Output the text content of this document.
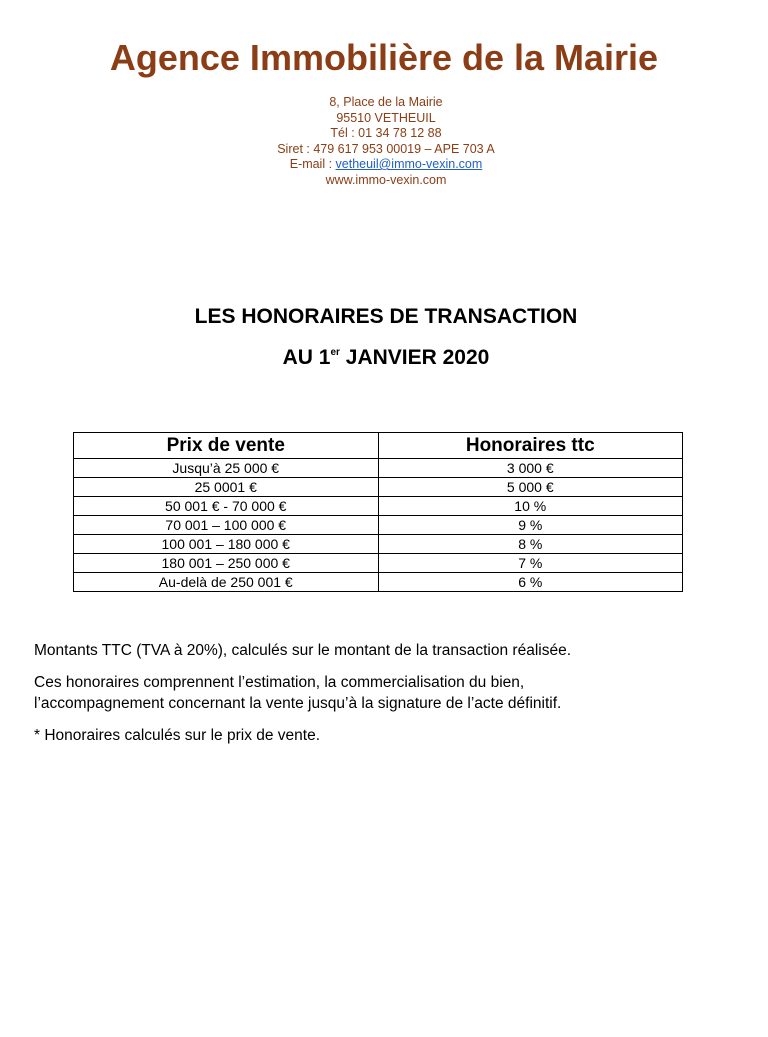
Agence Immobilière de la Mairie
8, Place de la Mairie
95510 VETHEUIL
Tél : 01 34 78 12 88
Siret : 479 617 953 00019 – APE 703 A
E-mail : vetheuil@immo-vexin.com
www.immo-vexin.com
LES HONORAIRES DE TRANSACTION
AU 1er JANVIER 2020
Prix de vente	Honoraires ttc
Jusqu’à 25 000 €	3 000 €
25 0001 €	5 000 €
50 001 € - 70 000 €	10 %
70 001 – 100 000 €	9 %
100 001 – 180 000 €	8 %
180 001 – 250 000 €	7 %
Au-delà de 250 001 €	6 %

Montants TTC (TVA à 20%), calculés sur le montant de la transaction réalisée.

Ces honoraires comprennent l’estimation, la commercialisation du bien,
l’accompagnement concernant la vente jusqu’à la signature de l’acte définitif.

* Honoraires calculés sur le prix de vente.
